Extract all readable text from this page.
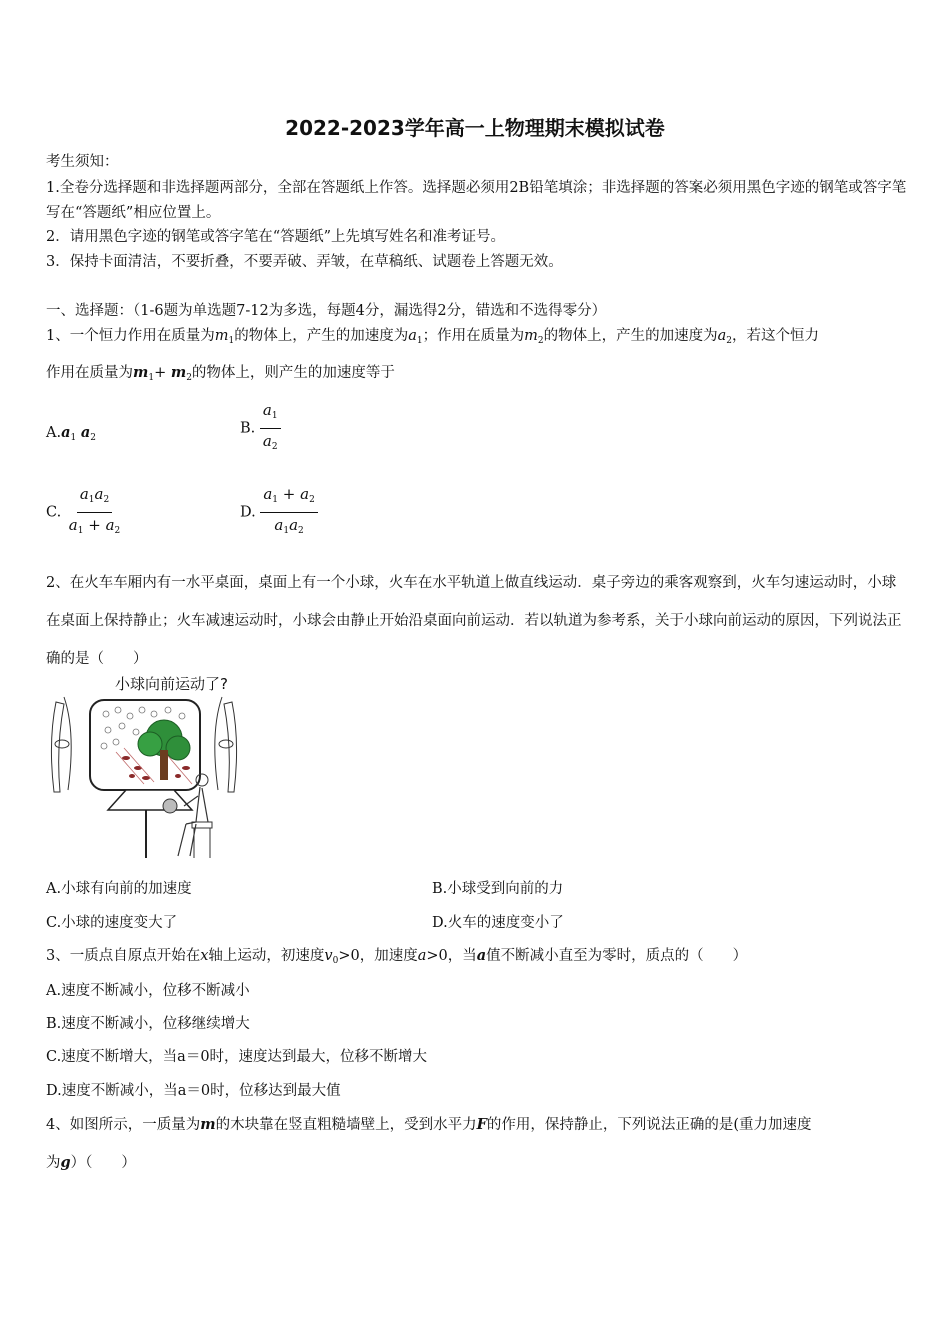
2022-2023学年高一上物理期末模拟试卷
考生须知：
1.全卷分选择题和非选择题两部分，全部在答题纸上作答。选择题必须用2B铅笔填涂；非选择题的答案必须用黑色字迹的钢笔或答字笔写在“答题纸”相应位置上。
2．请用黑色字迹的钢笔或答字笔在“答题纸”上先填写姓名和准考证号。
3．保持卡面清洁，不要折叠，不要弄破、弄皱，在草稿纸、试题卷上答题无效。
一、选择题：（1-6题为单选题7-12为多选，每题4分，漏选得2分，错选和不选得零分）
1、一个恒力作用在质量为$m_1$的物体上，产生的加速度为$a_1$；作用在质量为$m_2$的物体上，产生的加速度为$a_2$，若这个恒力
作用在质量为$m_1+ m_2$的物体上，则产生的加速度等于
$A.a_1$ $a_2$
B. $\frac{a_1}{a_2}$
C. $\frac{a_1a_2}{a_1 + a_2}$	D. $\frac{a_1 + a_2}{a_1a_2}$
2、在火车车厢内有一水平桌面，桌面上有一个小球，火车在水平轨道上做直线运动．桌子旁边的乘客观察到，火车匀速运动时，小球在桌面上保持静止；火车减速运动时，小球会由静止开始沿桌面向前运动．若以轨道为参考系，关于小球向前运动的原因，下列说法正确的是（　　）
小球向前运动了?
A.小球有向前的加速度	B.小球受到向前的力
C.小球的速度变大了	D.火车的速度变小了
3、一质点自原点开始在x轴上运动，初速度$v_0>0$，加速度a>0，当a值不断减小直至为零时，质点的（　　）
A.速度不断减小，位移不断减小
B.速度不断减小，位移继续增大
C.速度不断增大，当a＝0时，速度达到最大，位移不断增大
D.速度不断减小，当a＝0时，位移达到最大值
4、如图所示，一质量为m的木块靠在竖直粗糙墙壁上，受到水平力F的作用，保持静止，下列说法正确的是(重力加速度
为g）（　　）
